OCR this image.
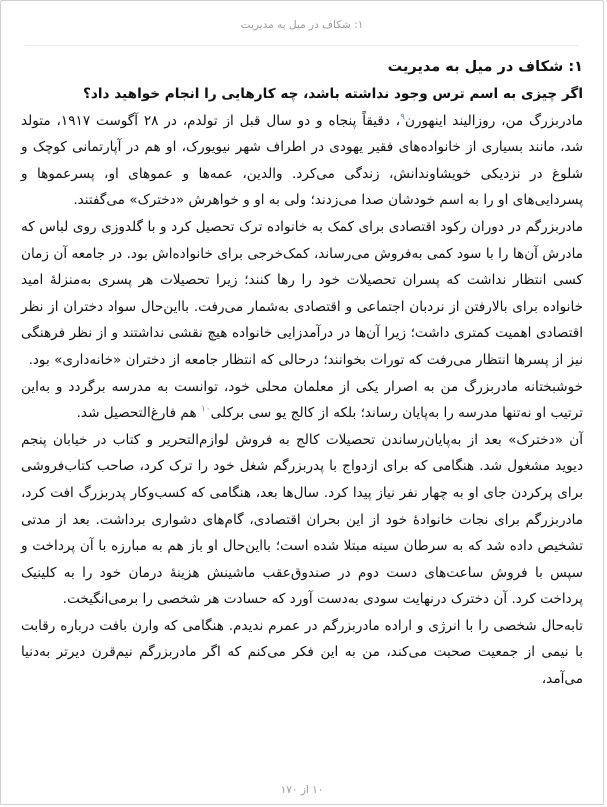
۱: شکاف در میل به مدیریت
۱: شکاف در میل به مدیریت

اگر چیزی به اسم ترس وجود نداشته باشد، چه کارهایی را انجام خواهید داد؟

مادربزرگ من، روزالیند اینهورن$^۹$، دقیقاً پنجاه و دو سال قبل از تولدم، در ۲۸ آگوست ۱۹۱۷، متولد شد، مانند بسیاری از خانواده‌های فقیر یهودی در اطراف شهر نیویورک، او هم در آپارتمانی کوچک و شلوغ در نزدیکی خویشاوندانش، زندگی می‌کرد. والدین، عمه‌ها و عموهای او، پسرعموها و پسردایی‌های او را به اسم خودشان صدا می‌زدند؛ ولی به او و خواهرش «دخترک» می‌گفتند.

مادربزرگم در دوران رکود اقتصادی برای کمک به خانواده ترک تحصیل کرد و با گلدوزی روی لباس که مادرش آن‌ها را با سود کمی به‌فروش می‌رساند، کمک‌خرجی برای خانواده‌اش بود. در جامعه آن زمان کسی انتظار نداشت که پسران تحصیلات خود را رها کنند؛ زیرا تحصیلات هر پسری به‌منزلهٔ امید خانواده برای بالارفتن از نردبان اجتماعی و اقتصادی به‌شمار می‌رفت. بااین‌حال سواد دختران از نظر اقتصادی اهمیت کمتری داشت؛ زیرا آن‌ها در درآمدزایی خانواده هیچ نقشی نداشتند و از نظر فرهنگی نیز از پسرها انتظار می‌رفت که تورات بخوانند؛ درحالی که انتظار جامعه از دختران «خانه‌داری» بود.

خوشبختانه مادربزرگ من به اصرار یکی از معلمان محلی خود، توانست به مدرسه برگردد و به‌این ترتیب او نه‌تنها مدرسه را به‌پایان رساند؛ بلکه از کالج یو سی برکلی$^{۱۰}$ هم فارغ‌التحصیل شد.

آن «دخترک» بعد از به‌پایان‌رساندن تحصیلات کالج به فروش لوازم‌التحریر و کتاب در خیابان پنجم دیوید مشغول شد. هنگامی که برای ازدواج با پدربزرگم شغل خود را ترک کرد، صاحب کتاب‌فروشی برای پرکردن جای او به چهار نفر نیاز پیدا کرد. سال‌ها بعد، هنگامی که کسب‌وکار پدربزرگ افت کرد، مادربزرگم برای نجات خانوادهٔ خود از این بحران اقتصادی، گام‌های دشواری برداشت. بعد از مدتی تشخیص داده شد که به سرطان سینه مبتلا شده است؛ بااین‌حال او باز هم به مبارزه با آن پرداخت و سپس با فروش ساعت‌های دست دوم در صندوق‌عقب ماشینش هزینهٔ درمان خود را به کلینیک پرداخت کرد. آن دخترک درنهایت سودی به‌دست آورد که حسادت هر شخصی را برمی‌انگیخت.

تابه‌حال شخصی را با انرژی و اراده مادربزرگم در عمرم ندیدم. هنگامی که وارن بافت درباره رقابت با نیمی از جمعیت صحبت می‌کند، من به این فکر می‌کنم که اگر مادربزرگم نیم‌قرن دیرتر به‌دنیا می‌آمد،

۱۰ از ۱۷۰
